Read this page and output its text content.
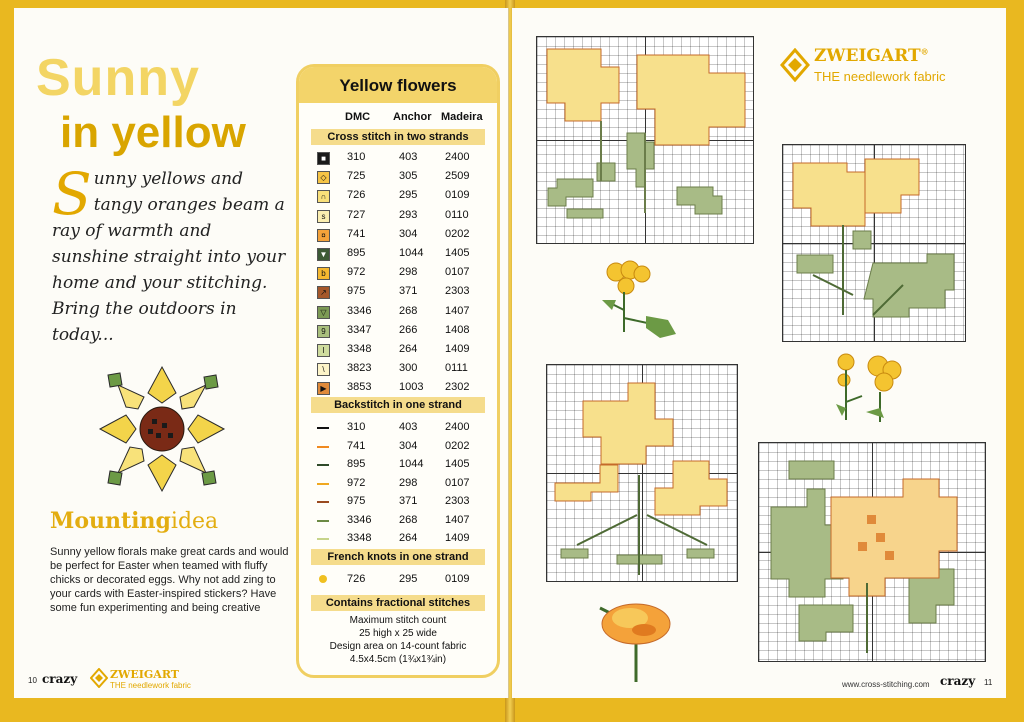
Sunny
in yellow
Sunny yellows and tangy oranges beam a ray of warmth and sunshine straight into your home and your stitching. Bring the outdoors in today...
Mountingidea
Sunny yellow florals make great cards and would be perfect for Easter when teamed with fluffy chicks or decorated eggs. Why not add zing to your cards with Easter-inspired stickers? Have some fun experimenting and being creative
Yellow flowers
DMC Anchor Madeira
Cross stitch in two strands
■	310	403	2400
◇	725	305	2509
∩	726	295	0109
s	727	293	0110
¤	741	304	0202
▼ 895	1044 1405
b	972	298	0107
↗ 975	371	2303
▽	3346	268	1407
9	3347	266	1408
I	3348	264	1409
\	3823	300	0111
▶	3853	1003 2302
Backstitch in one strand
310	403	2400
741	304	0202
895	1044 1405
972	298	0107
975	371	2303
3346	268	1407
3348	264	1409
French knots in one strand
726	295	0109
Contains fractional stitches
Maximum stitch count
25 high x 25 wide
Design area on 14-count fabric
4.5x4.5cm (1¾x1¾in)
10 crazy	ZWEIGART
THE needlework fabric
ZWEIGART®
THE needlework fabric
www.cross-stitching.com crazy 11
